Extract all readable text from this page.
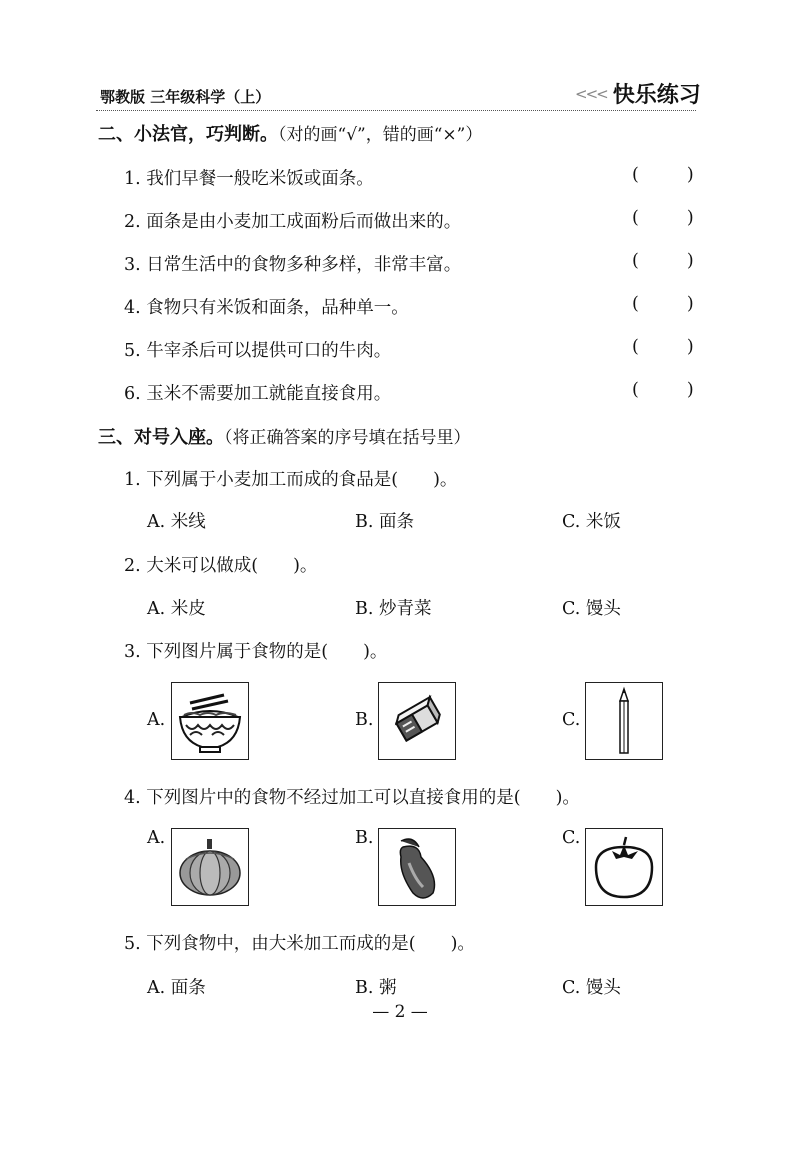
鄂教版 三年级科学（上）	<<< 快乐练习
二、小法官，巧判断。（对的画“√”，错的画“×”）
1. 我们早餐一般吃米饭或面条。	(	)
2. 面条是由小麦加工成面粉后而做出来的。	(	)
3. 日常生活中的食物多种多样，非常丰富。	(	)
4. 食物只有米饭和面条，品种单一。	(	)
5. 牛宰杀后可以提供可口的牛肉。	(	)
6. 玉米不需要加工就能直接食用。	(	)
三、对号入座。（将正确答案的序号填在括号里）
1. 下列属于小麦加工而成的食品是(　　)。
A. 米线	B. 面条	C. 米饭
2. 大米可以做成(　　)。
A. 米皮	B. 炒青菜	C. 馒头
3. 下列图片属于食物的是(　　)。
A.	B.	C.
4. 下列图片中的食物不经过加工可以直接食用的是(　　)。
A.	B.	C.
5. 下列食物中，由大米加工而成的是(　　)。
A. 面条	B. 粥	C. 馒头
— 2 —
